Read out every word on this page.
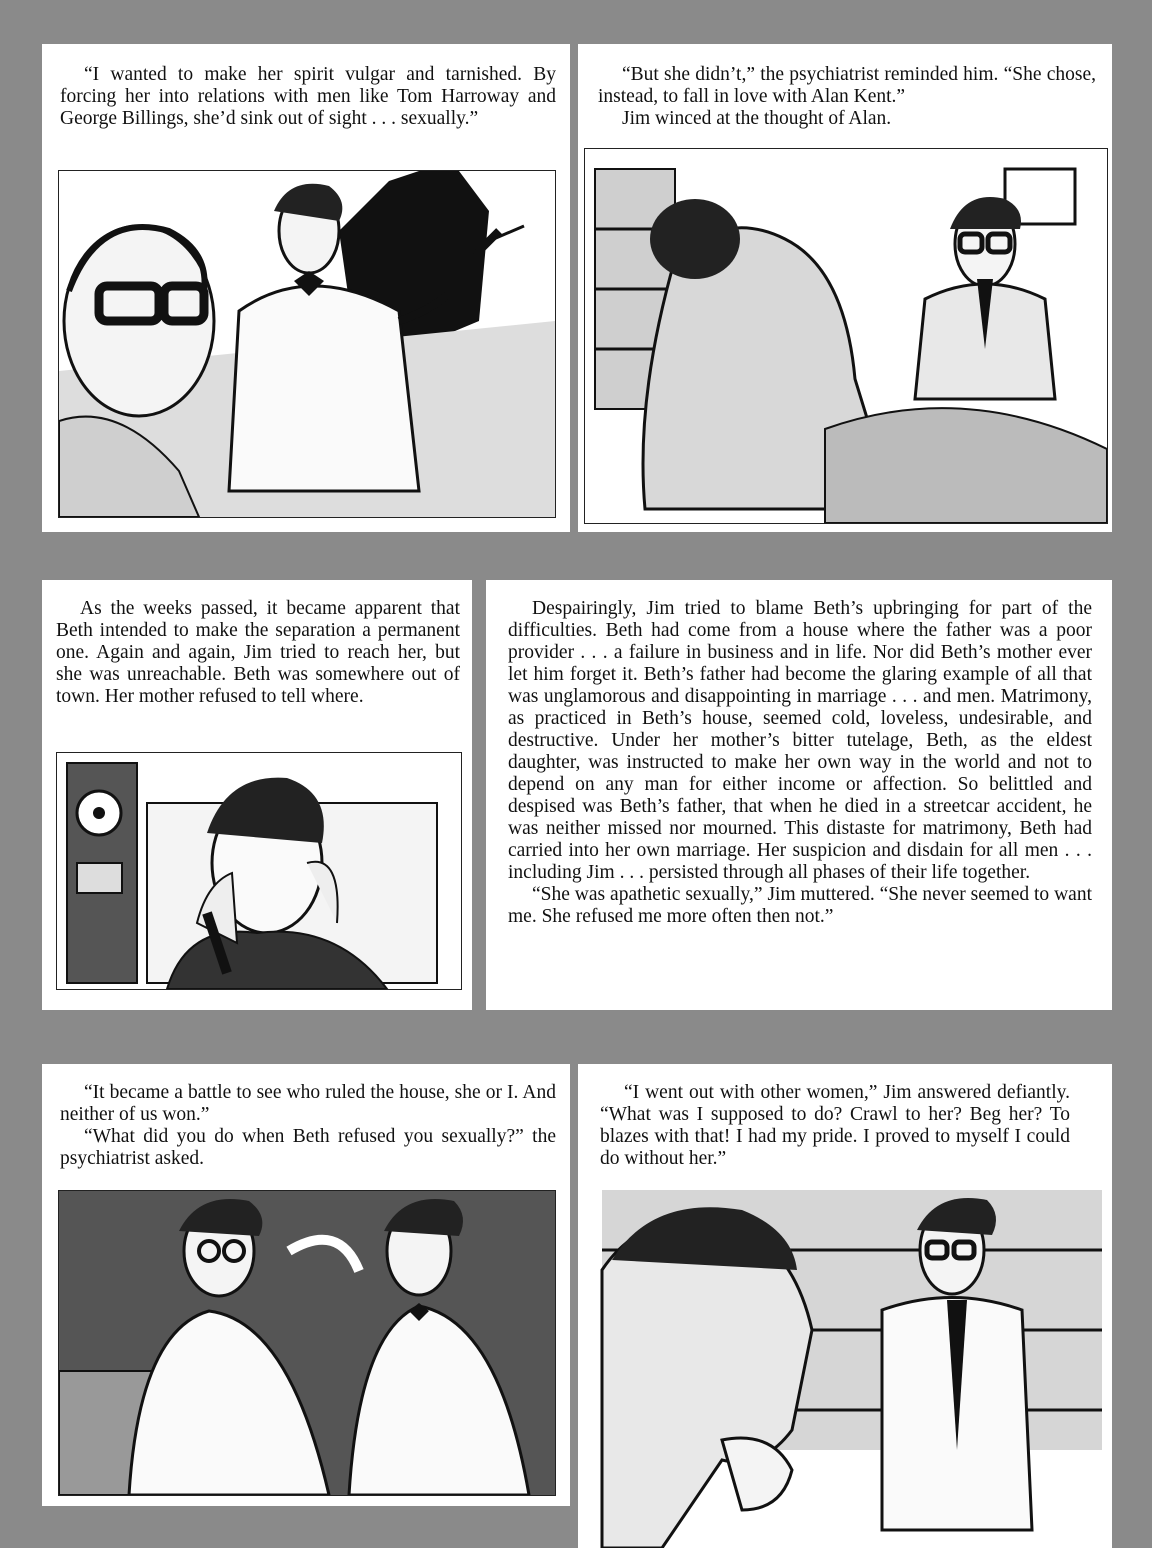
“I wanted to make her spirit vulgar and tarnished. By forcing her into relations with men like Tom Harroway and George Billings, she’d sink out of sight . . . sexually.”

“But she didn’t,” the psychiatrist reminded him. “She chose, instead, to fall in love with Alan Kent.”

Jim winced at the thought of Alan.

As the weeks passed, it became apparent that Beth intended to make the separation a permanent one. Again and again, Jim tried to reach her, but she was unreachable. Beth was somewhere out of town. Her mother refused to tell where.

Despairingly, Jim tried to blame Beth’s upbringing for part of the difficulties. Beth had come from a house where the father was a poor provider . . . a failure in business and in life. Nor did Beth’s mother ever let him forget it. Beth’s father had become the glaring example of all that was unglamorous and disappointing in marriage . . . and men. Matrimony, as practiced in Beth’s house, seemed cold, loveless, undesirable, and destructive. Under her mother’s bitter tutelage, Beth, as the eldest daughter, was instructed to make her own way in the world and not to depend on any man for either income or affection. So belittled and despised was Beth’s father, that when he died in a streetcar accident, he was neither missed nor mourned. This distaste for matrimony, Beth had carried into her own marriage. Her suspicion and disdain for all men . . . including Jim . . . persisted through all phases of their life together.

“She was apathetic sexually,” Jim muttered. “She never seemed to want me. She refused me more often then not.”

“It became a battle to see who ruled the house, she or I. And neither of us won.”

“What did you do when Beth refused you sexually?” the psychiatrist asked.

“I went out with other women,” Jim answered defiantly. “What was I supposed to do? Crawl to her? Beg her? To blazes with that! I had my pride. I proved to myself I could do without her.”
